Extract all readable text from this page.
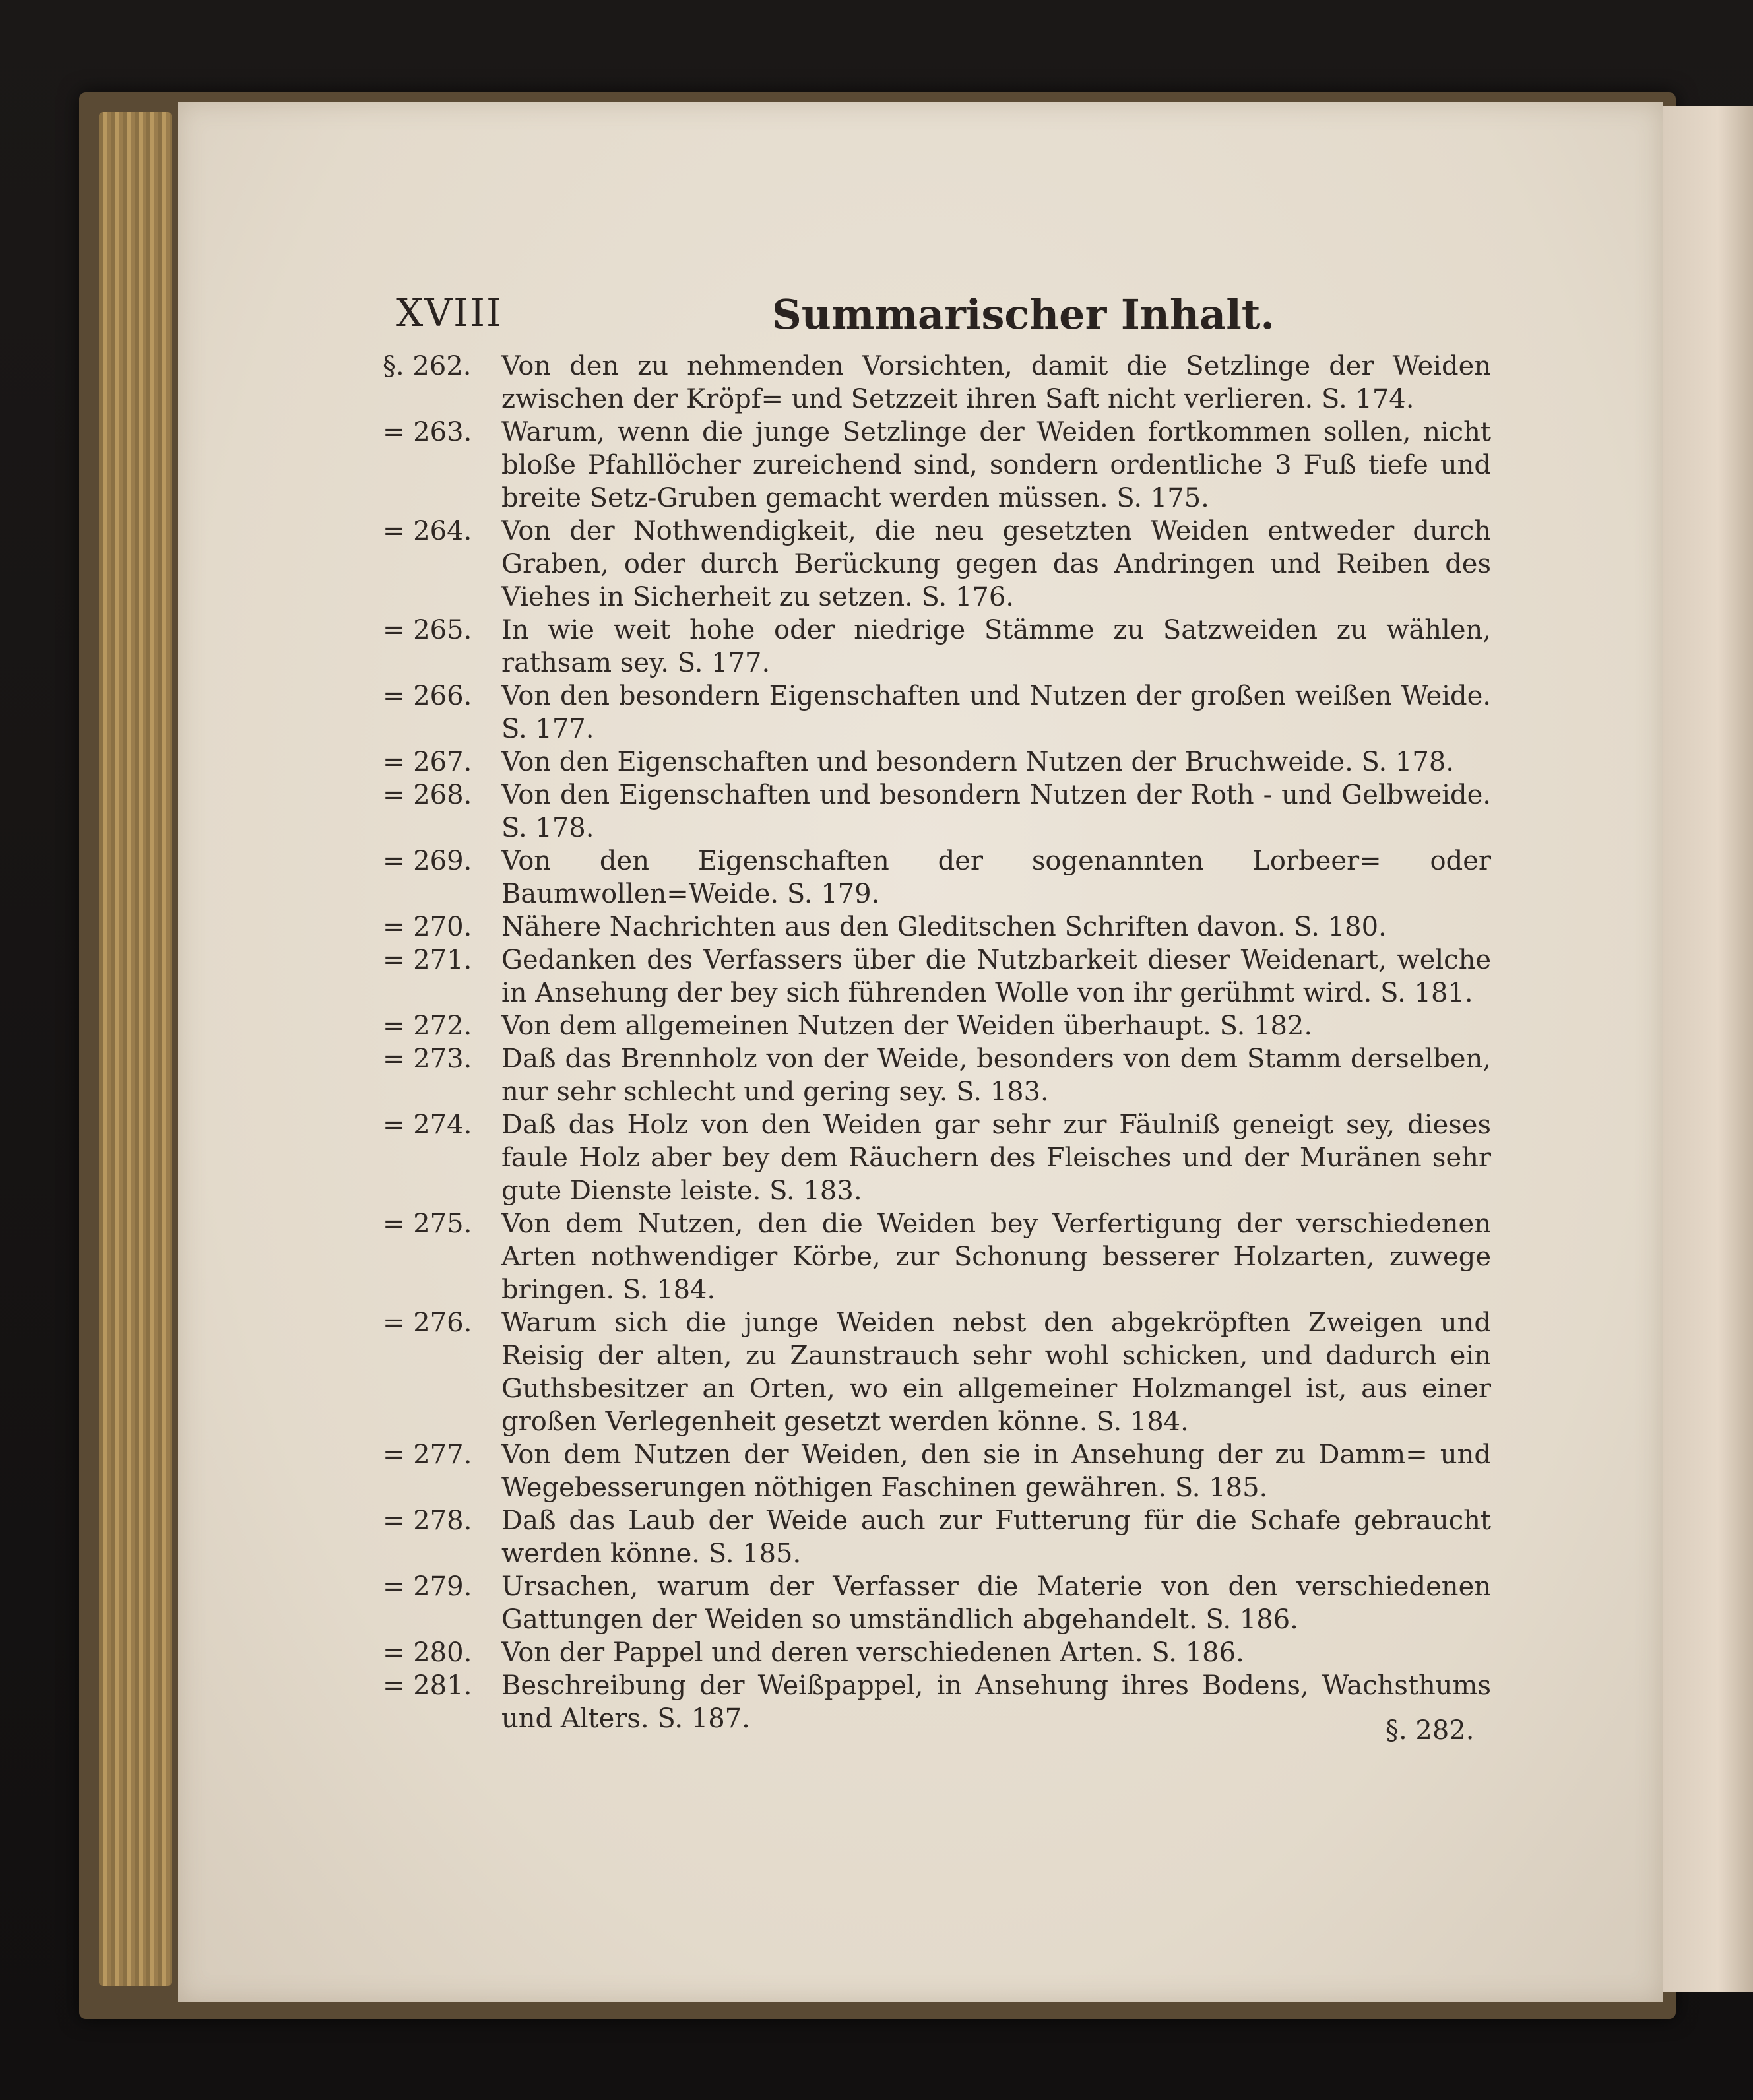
XVIII	Summarischer Inhalt.
§. 262.	Von den zu nehmenden Vorsichten, damit die Setzlinge der Weiden zwischen der Kröpf= und Setzzeit ihren Saft nicht verlieren. S. 174.
= 263.	Warum, wenn die junge Setzlinge der Weiden fortkommen sollen, nicht bloße Pfahllöcher zureichend sind, sondern ordentliche 3 Fuß tiefe und breite Setz-Gruben gemacht werden müssen. S. 175.
= 264.	Von der Nothwendigkeit, die neu gesetzten Weiden entweder durch Graben, oder durch Berückung gegen das Andringen und Reiben des Viehes in Sicherheit zu setzen. S. 176.
= 265.	In wie weit hohe oder niedrige Stämme zu Satzweiden zu wählen, rathsam sey. S. 177.
= 266.	Von den besondern Eigenschaften und Nutzen der großen weißen Weide. S. 177.
= 267.	Von den Eigenschaften und besondern Nutzen der Bruchweide. S. 178.
= 268.	Von den Eigenschaften und besondern Nutzen der Roth - und Gelbweide. S. 178.
= 269.	Von den Eigenschaften der sogenannten Lorbeer= oder Baumwollen=Weide. S. 179.
= 270.	Nähere Nachrichten aus den Gleditschen Schriften davon. S. 180.
= 271.	Gedanken des Verfassers über die Nutzbarkeit dieser Weidenart, welche in Ansehung der bey sich führenden Wolle von ihr gerühmt wird. S. 181.
= 272.	Von dem allgemeinen Nutzen der Weiden überhaupt. S. 182.
= 273.	Daß das Brennholz von der Weide, besonders von dem Stamm derselben, nur sehr schlecht und gering sey. S. 183.
= 274.	Daß das Holz von den Weiden gar sehr zur Fäulniß geneigt sey, dieses faule Holz aber bey dem Räuchern des Fleisches und der Muränen sehr gute Dienste leiste. S. 183.
= 275.	Von dem Nutzen, den die Weiden bey Verfertigung der verschiedenen Arten nothwendiger Körbe, zur Schonung besserer Holzarten, zuwege bringen. S. 184.
= 276.	Warum sich die junge Weiden nebst den abgekröpften Zweigen und Reisig der alten, zu Zaunstrauch sehr wohl schicken, und dadurch ein Guthsbesitzer an Orten, wo ein allgemeiner Holzmangel ist, aus einer großen Verlegenheit gesetzt werden könne. S. 184.
= 277.	Von dem Nutzen der Weiden, den sie in Ansehung der zu Damm= und Wegebesserungen nöthigen Faschinen gewähren. S. 185.
= 278.	Daß das Laub der Weide auch zur Futterung für die Schafe gebraucht werden könne. S. 185.
= 279.	Ursachen, warum der Verfasser die Materie von den verschiedenen Gattungen der Weiden so umständlich abgehandelt. S. 186.
= 280.	Von der Pappel und deren verschiedenen Arten. S. 186.
= 281.	Beschreibung der Weißpappel, in Ansehung ihres Bodens, Wachsthums und Alters. S. 187.	§. 282.
